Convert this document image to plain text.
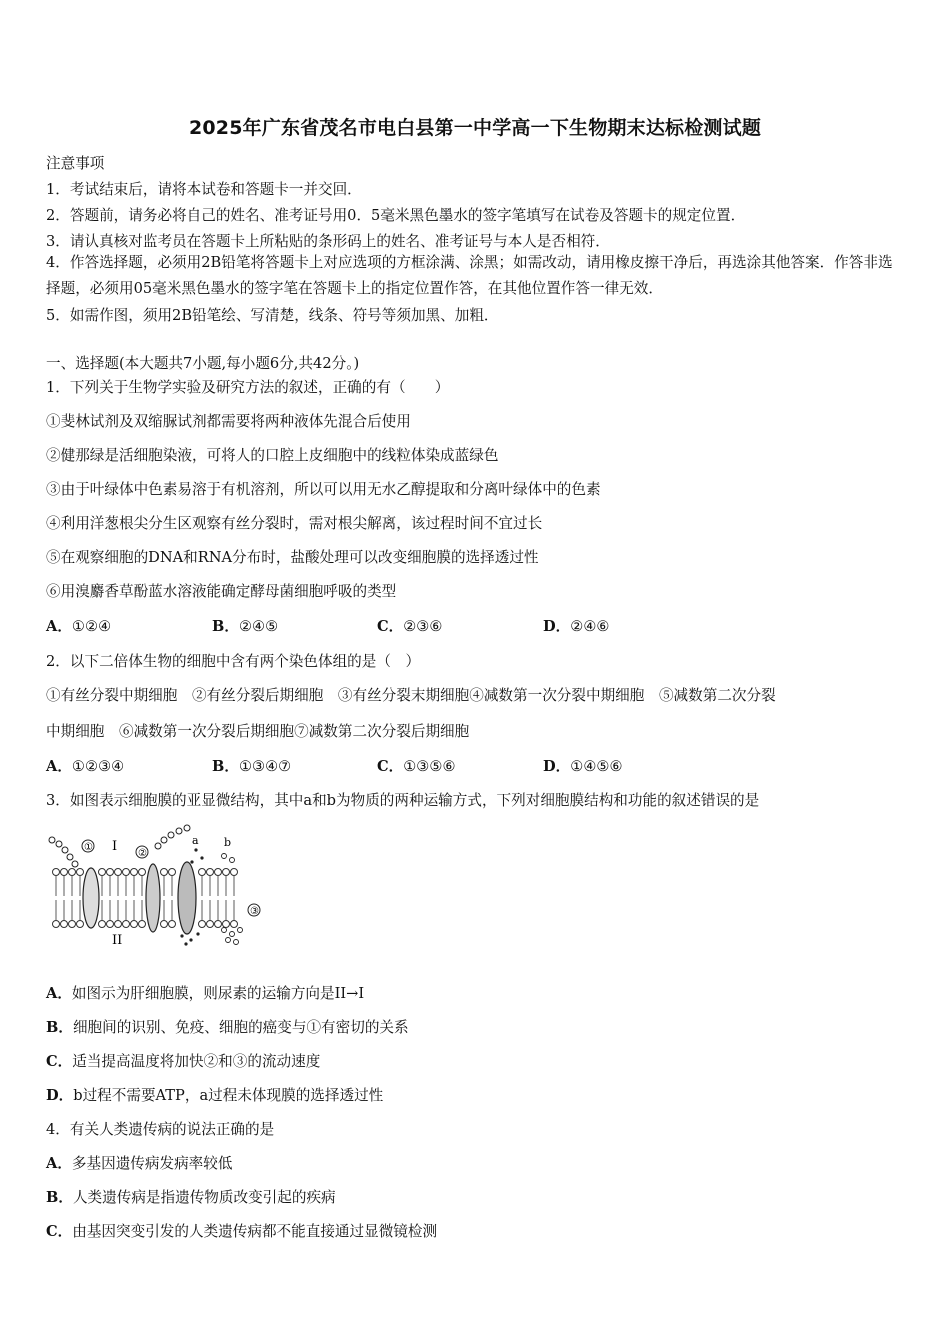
2025年广东省茂名市电白县第一中学高一下生物期末达标检测试题
注意事项
1．考试结束后，请将本试卷和答题卡一并交回．
2．答题前，请务必将自己的姓名、准考证号用0．5毫米黑色墨水的签字笔填写在试卷及答题卡的规定位置．
3．请认真核对监考员在答题卡上所粘贴的条形码上的姓名、准考证号与本人是否相符．
4．作答选择题，必须用2B铅笔将答题卡上对应选项的方框涂满、涂黑；如需改动，请用橡皮擦干净后，再选涂其他答案．作答非选择题，必须用05毫米黑色墨水的签字笔在答题卡上的指定位置作答，在其他位置作答一律无效．
5．如需作图，须用2B铅笔绘、写清楚，线条、符号等须加黑、加粗．
一、选择题(本大题共7小题,每小题6分,共42分。)
1．下列关于生物学实验及研究方法的叙述，正确的有（　　）
①斐林试剂及双缩脲试剂都需要将两种液体先混合后使用
②健那绿是活细胞染液，可将人的口腔上皮细胞中的线粒体染成蓝绿色
③由于叶绿体中色素易溶于有机溶剂，所以可以用无水乙醇提取和分离叶绿体中的色素
④利用洋葱根尖分生区观察有丝分裂时，需对根尖解离，该过程时间不宜过长
⑤在观察细胞的DNA和RNA分布时，盐酸处理可以改变细胞膜的选择透过性
⑥用溴麝香草酚蓝水溶液能确定酵母菌细胞呼吸的类型
A．①②④	B．②④⑤	C．②③⑥	D．②④⑥
2．以下二倍体生物的细胞中含有两个染色体组的是（　）
①有丝分裂中期细胞　②有丝分裂后期细胞　③有丝分裂末期细胞④减数第一次分裂中期细胞　⑤减数第二次分裂
中期细胞　⑥减数第一次分裂后期细胞⑦减数第二次分裂后期细胞
A．①②③④	B．①③④⑦	C．①③⑤⑥	D．①④⑤⑥
3．如图表示细胞膜的亚显微结构，其中a和b为物质的两种运输方式，下列对细胞膜结构和功能的叙述错误的是
①
②
③
I
II
a b
A．如图示为肝细胞膜，则尿素的运输方向是II→I
B．细胞间的识别、免疫、细胞的癌变与①有密切的关系
C．适当提高温度将加快②和③的流动速度
D．b过程不需要ATP，a过程未体现膜的选择透过性
4．有关人类遗传病的说法正确的是
A．多基因遗传病发病率较低
B．人类遗传病是指遗传物质改变引起的疾病
C．由基因突变引发的人类遗传病都不能直接通过显微镜检测
